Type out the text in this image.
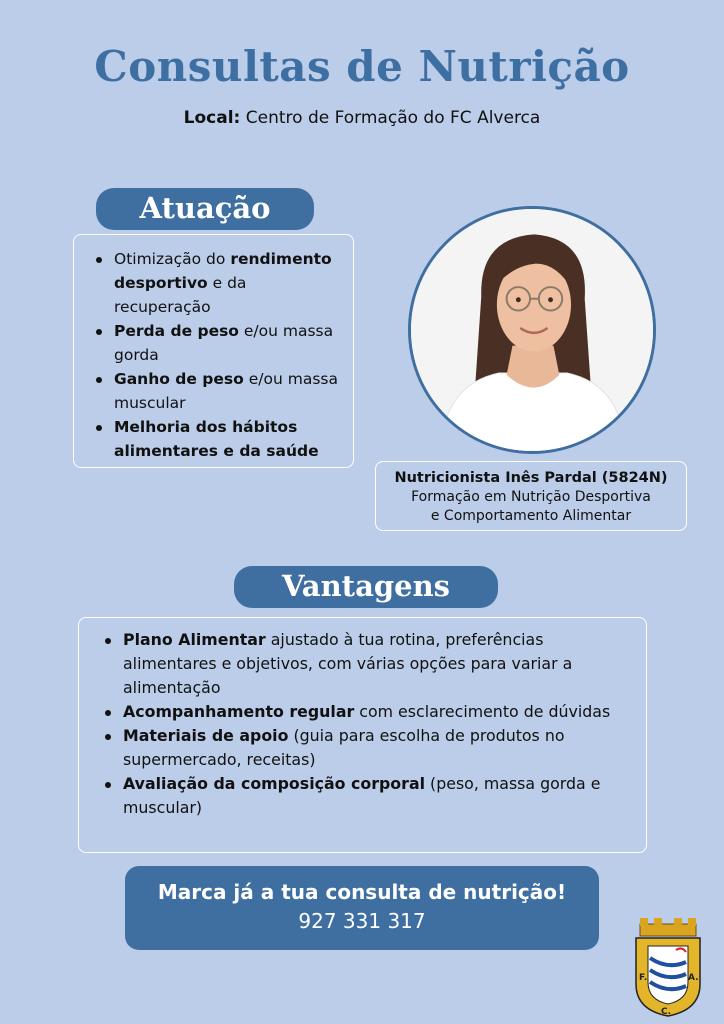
Consultas de Nutrição
Local: Centro de Formação do FC Alverca
Atuação
Otimização do rendimento desportivo e da recuperação
Perda de peso e/ou massa gorda
Ganho de peso e/ou massa muscular
Melhoria dos hábitos alimentares e da saúde
Nutricionista Inês Pardal (5824N)
Formação em Nutrição Desportiva
e Comportamento Alimentar
Vantagens
Plano Alimentar ajustado à tua rotina, preferências alimentares e objetivos, com várias opções para variar a alimentação
Acompanhamento regular com esclarecimento de dúvidas
Materiais de apoio (guia para escolha de produtos no supermercado, receitas)
Avaliação da composição corporal (peso, massa gorda e muscular)
Marca já a tua consulta de nutrição!
927 331 317
F.
C.
A.
